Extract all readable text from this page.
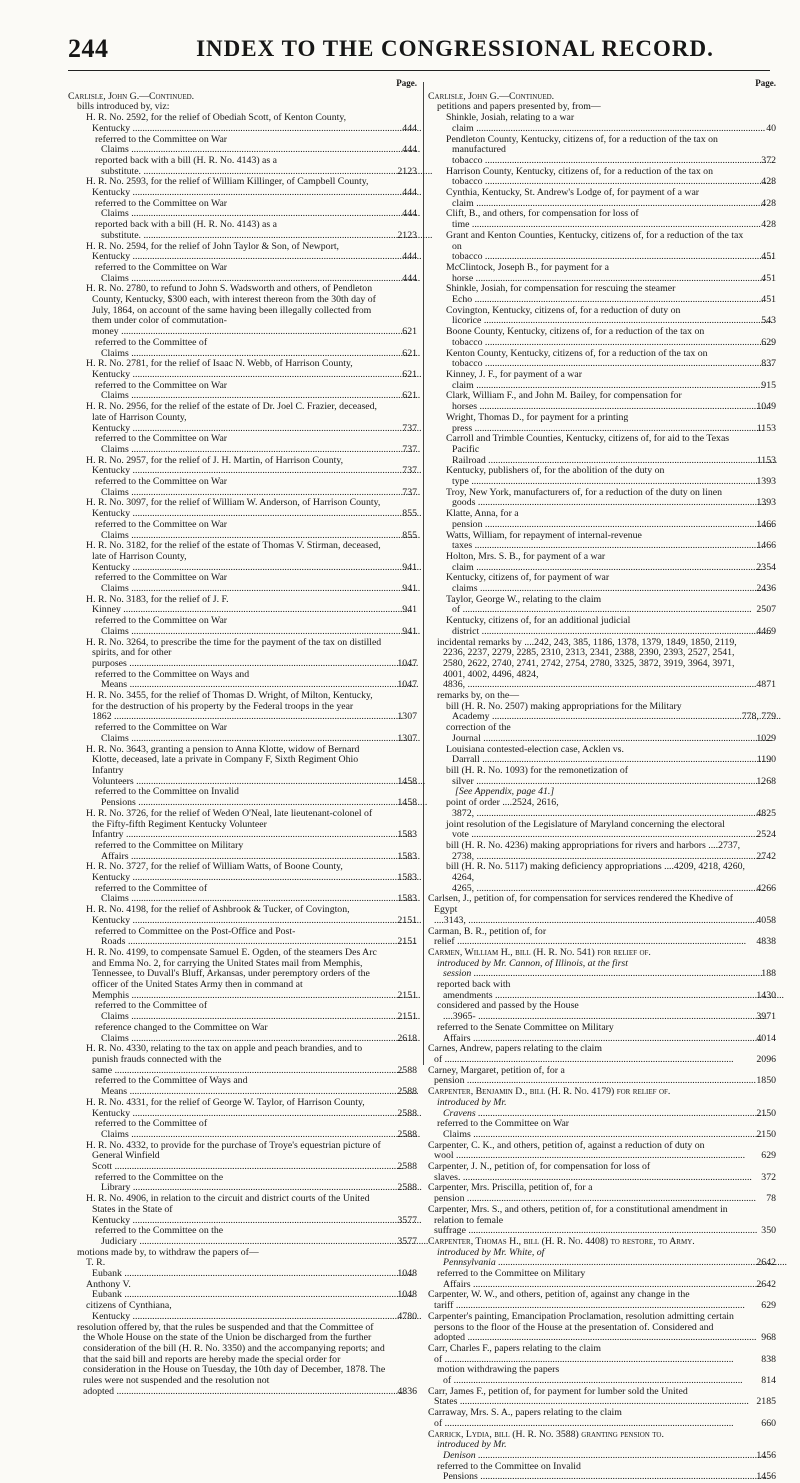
244	INDEX TO THE CONGRESSIONAL RECORD.
Page.
Carlisle, John G.—Continued.
bills introduced by, viz:
H. R. No. 2592, for the relief of Obediah Scott, of Kenton County, Kentucky .....	444
referred to the Committee on War Claims .....	444
reported back with a bill (H. R. No. 4143) as a substitute. .....	2123
H. R. No. 2593, for the relief of William Killinger, of Campbell County, Kentucky .....	444
referred to the Committee on War Claims .....	444
reported back with a bill (H. R. No. 4143) as a substitute. .....	2123
H. R. No. 2594, for the relief of John Taylor & Son, of Newport, Kentucky .....	444
referred to the Committee on War Claims .....	444
H. R. No. 2780, to refund to John S. Wadsworth and others, of Pendleton County, Kentucky, $300 each, with interest thereon from the 30th day of July, 1864, on account of the same having been illegally collected from them under color of commutation-money .....	621
referred to the Committee of Claims .....	621
H. R. No. 2781, for the relief of Isaac N. Webb, of Harrison County, Kentucky .....	621
referred to the Committee on War Claims .....	621
H. R. No. 2956, for the relief of the estate of Dr. Joel C. Frazier, deceased, late of Harrison County, Kentucky .....	737
referred to the Committee on War Claims .....	737
H. R. No. 2957, for the relief of J. H. Martin, of Harrison County, Kentucky .....	737
referred to the Committee on War Claims .....	737
H. R. No. 3097, for the relief of William W. Anderson, of Harrison County, Kentucky .....	855
referred to the Committee on War Claims .....	855
H. R. No. 3182, for the relief of the estate of Thomas V. Stirman, deceased, late of Harrison County, Kentucky .....	941
referred to the Committee on War Claims .....	941
H. R. No. 3183, for the relief of J. F. Kinney .....	941
referred to the Committee on War Claims .....	941
H. R. No. 3264, to prescribe the time for the payment of the tax on distilled spirits, and for other purposes .....	1047
referred to the Committee on Ways and Means .....	1047
H. R. No. 3455, for the relief of Thomas D. Wright, of Milton, Kentucky, for the destruction of his property by the Federal troops in the year 1862 .....	1307
referred to the Committee on War Claims .....	1307
H. R. No. 3643, granting a pension to Anna Klotte, widow of Bernard Klotte, deceased, late a private in Company F, Sixth Regiment Ohio Infantry Volunteers .....	1458
referred to the Committee on Invalid Pensions .....	1458
H. R. No. 3726, for the relief of Weden O'Neal, late lieutenant-colonel of the Fifty-fifth Regiment Kentucky Volunteer Infantry .....	1583
referred to the Committee on Military Affairs .....	1583
H. R. No. 3727, for the relief of William Watts, of Boone County, Kentucky .....	1583
referred to the Committee of Claims .....	1583
H. R. No. 4198, for the relief of Ashbrook & Tucker, of Covington, Kentucky .....	2151
referred to Committee on the Post-Office and Post-Roads .....	2151
H. R. No. 4199, to compensate Samuel E. Ogden, of the steamers Des Arc and Emma No. 2, for carrying the United States mail from Memphis, Tennessee, to Duvall's Bluff, Arkansas, under peremptory orders of the officer of the United States Army then in command at Memphis .....	2151
referred to the Committee of Claims .....	2151
reference changed to the Committee on War Claims .....	2618
H. R. No. 4330, relating to the tax on apple and peach brandies, and to punish frauds connected with the same .....	2588
referred to the Committee of Ways and Means .....	2588
H. R. No. 4331, for the relief of George W. Taylor, of Harrison County, Kentucky .....	2588
referred to the Committee of Claims .....	2588
H. R. No. 4332, to provide for the purchase of Troye's equestrian picture of General Winfield Scott .....	2588
referred to the Committee on the Library .....	2588
H. R. No. 4906, in relation to the circuit and district courts of the United States in the State of Kentucky .....	3577
referred to the Committee on the Judiciary .....	3577
motions made by, to withdraw the papers of—
T. R. Eubank .....	1048
Anthony V. Eubank .....	1048
citizens of Cynthiana, Kentucky .....	4780
resolution offered by, that the rules be suspended and that the Committee of the Whole House on the state of the Union be discharged from the further consideration of the bill (H. R. No. 3350) and the accompanying reports; and that the said bill and reports are hereby made the special order for consideration in the House on Tuesday, the 10th day of December, 1878. The rules were not suspended and the resolution not adopted .....	4836
Page.
Carlisle, John G.—Continued.
petitions and papers presented by, from—
Shinkle, Josiah, relating to a war claim .....	40
Pendleton County, Kentucky, citizens of, for a reduction of the tax on manufactured tobacco .....	372
Harrison County, Kentucky, citizens of, for a reduction of the tax on tobacco .....	428
Cynthia, Kentucky, St. Andrew's Lodge of, for payment of a war claim .....	428
Clift, B., and others, for compensation for loss of time .....	428
Grant and Kenton Counties, Kentucky, citizens of, for a reduction of the tax on tobacco .....	451
McClintock, Joseph B., for payment for a horse .....	451
Shinkle, Josiah, for compensation for rescuing the steamer Echo .....	451
Covington, Kentucky, citizens of, for a reduction of duty on licorice .....	543
Boone County, Kentucky, citizens of, for a reduction of the tax on tobacco .....	629
Kenton County, Kentucky, citizens of, for a reduction of the tax on tobacco .....	837
Kinney, J. F., for payment of a war claim .....	915
Clark, William F., and John M. Bailey, for compensation for horses .....	1049
Wright, Thomas D., for payment for a printing press .....	1153
Carroll and Trimble Counties, Kentucky, citizens of, for aid to the Texas Pacific Railroad .....	1153
Kentucky, publishers of, for the abolition of the duty on type .....	1393
Troy, New York, manufacturers of, for a reduction of the duty on linen goods .....	1393
Klatte, Anna, for a pension .....	1466
Watts, William, for repayment of internal-revenue taxes .....	1466
Holton, Mrs. S. B., for payment of a war claim .....	2354
Kentucky, citizens of, for payment of war claims .....	2436
Taylor, George W., relating to the claim of .....	2507
Kentucky, citizens of, for an additional judicial district .....	4469
incidental remarks by ....242, 243, 385, 1186, 1378, 1379, 1849, 1850, 2119, 2236, 2237, 2279, 2285, 2310, 2313, 2341, 2388, 2390, 2393, 2527, 2541, 2580, 2622, 2740, 2741, 2742, 2754, 2780, 3325, 3872, 3919, 3964, 3971, 4001, 4002, 4496, 4824, 4836, .....	4871
remarks by, on the—
bill (H. R. No. 2507) making appropriations for the Military Academy .....	778, 779
correction of the Journal .....	1029
Louisiana contested-election case, Acklen vs. Darrall .....	1190
bill (H. R. No. 1093) for the remonetization of silver .....	1268
[See Appendix, page 41.]
point of order ....2524, 2616, 3872, .....	4825
joint resolution of the Legislature of Maryland concerning the electoral vote .....	2524
bill (H. R. No. 4236) making appropriations for rivers and harbors ....2737, 2738, .....	2742
bill (H. R. No. 5117) making deficiency appropriations ....4209, 4218, 4260, 4264, 4265, .....	4266
Carlsen, J., petition of, for compensation for services rendered the Khedive of Egypt ....3143, .....	4058
Carman, B. R., petition of, for relief .....	4838
Carmen, William H., bill (H. R. No. 541) for relief of.
introduced by Mr. Cannon, of Illinois, at the first session .....	188
reported back with amendments .....	1430
considered and passed by the House ....3965- .....	3971
referred to the Senate Committee on Military Affairs .....	4014
Carnes, Andrew, papers relating to the claim of .....	2096
Carney, Margaret, petition of, for a pension .....	1850
Carpenter, Benjamin D., bill (H. R. No. 4179) for relief of.
introduced by Mr. Cravens .....	2150
referred to the Committee on War Claims .....	2150
Carpenter, C. K., and others, petition of, against a reduction of duty on wool .....	629
Carpenter, J. N., petition of, for compensation for loss of slaves. .....	372
Carpenter, Mrs. Priscilla, petition of, for a pension .....	78
Carpenter, Mrs. S., and others, petition of, for a constitutional amendment in relation to female suffrage .....	350
Carpenter, Thomas H., bill (H. R. No. 4408) to restore, to Army.
introduced by Mr. White, of Pennsylvania .....	2642
referred to the Committee on Military Affairs .....	2642
Carpenter, W. W., and others, petition of, against any change in the tariff .....	629
Carpenter's painting, Emancipation Proclamation, resolution admitting certain persons to the floor of the House at the presentation of. Considered and adopted .....	968
Carr, Charles F., papers relating to the claim of .....	838
motion withdrawing the papers of .....	814
Carr, James F., petition of, for payment for lumber sold the United States .....	2185
Carraway, Mrs. S. A., papers relating to the claim of .....	660
Carrick, Lydia, bill (H. R. No. 3588) granting pension to.
introduced by Mr. Denison .....	1456
referred to the Committee on Invalid Pensions .....	1456
